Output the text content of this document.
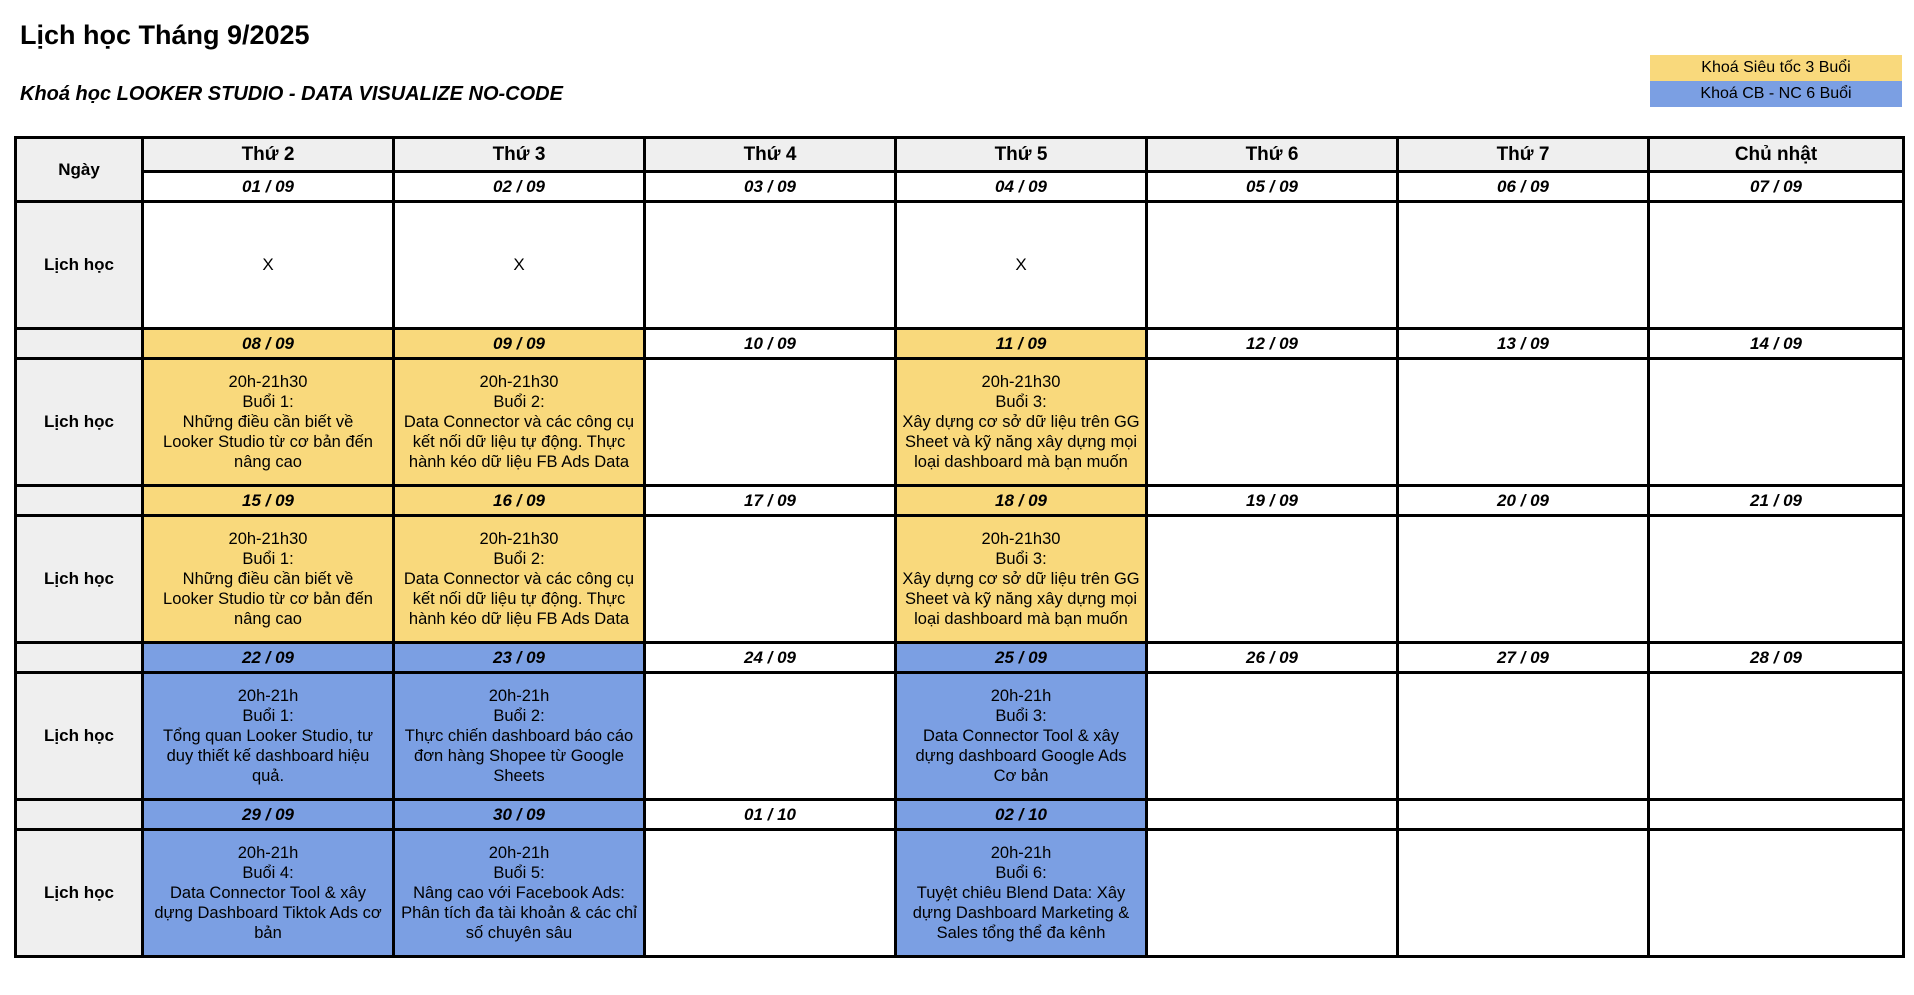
Lịch học Tháng 9/2025
Khoá học LOOKER STUDIO - DATA VISUALIZE NO-CODE
Khoá Siêu tốc 3 Buổi
Khoá CB - NC 6 Buổi
Ngày	Thứ 2	Thứ 3	Thứ 4	Thứ 5	Thứ 6	Thứ 7	Chủ nhật
	01 / 09	02 / 09	03 / 09	04 / 09	05 / 09	06 / 09	07 / 09
Lịch học	X	X		X			

	08 / 09	09 / 09	10 / 09	11 / 09	12 / 09	13 / 09	14 / 09
Lịch học	20h-21h30
Buổi 1:
Những điều cần biết về
Looker Studio từ cơ bản đến
nâng cao	20h-21h30
Buổi 2:
Data Connector và các công cụ
kết nối dữ liệu tự động. Thực
hành kéo dữ liệu FB Ads Data		20h-21h30
Buổi 3:
Xây dựng cơ sở dữ liệu trên GG
Sheet và kỹ năng xây dựng mọi
loại dashboard mà bạn muốn			

	15 / 09	16 / 09	17 / 09	18 / 09	19 / 09	20 / 09	21 / 09
Lịch học	20h-21h30
Buổi 1:
Những điều cần biết về
Looker Studio từ cơ bản đến
nâng cao	20h-21h30
Buổi 2:
Data Connector và các công cụ
kết nối dữ liệu tự động. Thực
hành kéo dữ liệu FB Ads Data		20h-21h30
Buổi 3:
Xây dựng cơ sở dữ liệu trên GG
Sheet và kỹ năng xây dựng mọi
loại dashboard mà bạn muốn			

	22 / 09	23 / 09	24 / 09	25 / 09	26 / 09	27 / 09	28 / 09
Lịch học	20h-21h
Buổi 1:
Tổng quan Looker Studio, tư
duy thiết kế dashboard hiệu
quả.	20h-21h
Buổi 2:
Thực chiến dashboard báo cáo
đơn hàng Shopee từ Google
Sheets		20h-21h
Buổi 3:
Data Connector Tool & xây
dựng dashboard Google Ads
Cơ bản			

	29 / 09	30 / 09	01 / 10	02 / 10			
Lịch học	20h-21h
Buổi 4:
Data Connector Tool & xây
dựng Dashboard Tiktok Ads cơ
bản	20h-21h
Buổi 5:
Nâng cao với Facebook Ads:
Phân tích đa tài khoản & các chỉ
số chuyên sâu		20h-21h
Buổi 6:
Tuyệt chiêu Blend Data: Xây
dựng Dashboard Marketing &
Sales tổng thể đa kênh			
